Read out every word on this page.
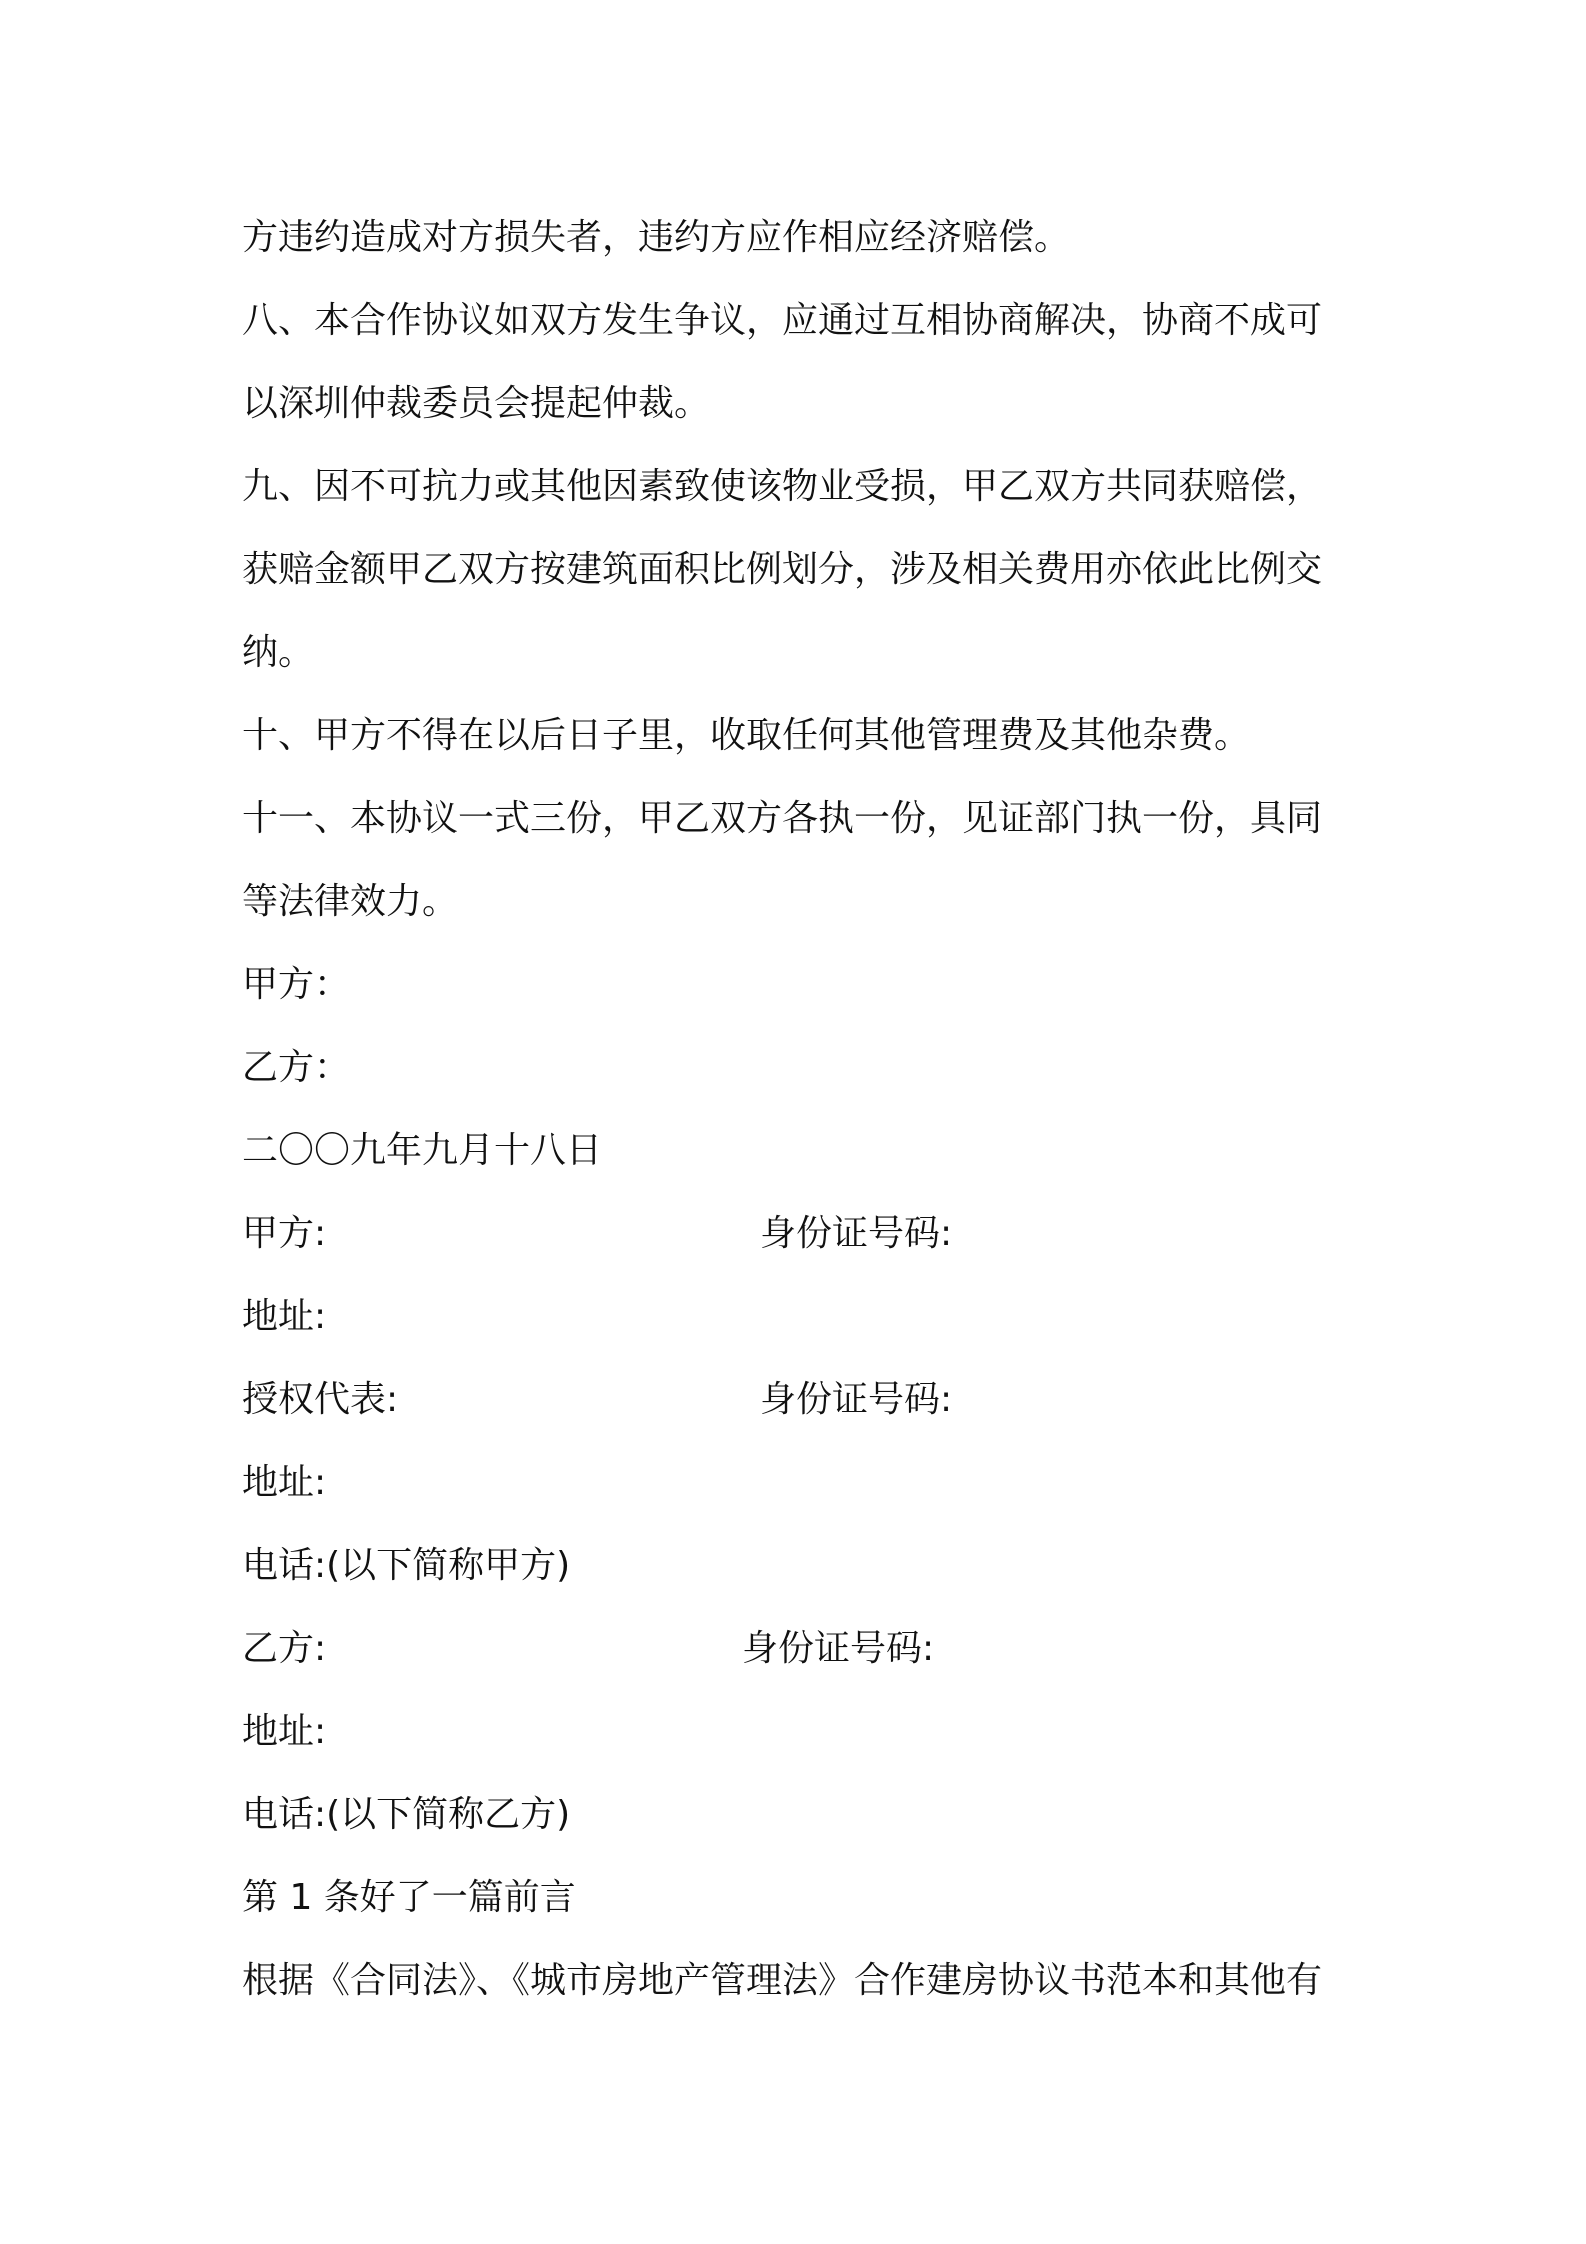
方违约造成对方损失者，违约方应作相应经济赔偿。
八、本合作协议如双方发生争议，应通过互相协商解决，协商不成可
以深圳仲裁委员会提起仲裁。
九、因不可抗力或其他因素致使该物业受损，甲乙双方共同获赔偿，
获赔金额甲乙双方按建筑面积比例划分，涉及相关费用亦依此比例交
纳。
十、甲方不得在以后日子里，收取任何其他管理费及其他杂费。
十一、本协议一式三份，甲乙双方各执一份，见证部门执一份，具同
等法律效力。
甲方：
乙方：
二〇〇九年九月十八日
甲方:	身份证号码:
地址:
授权代表:	身份证号码:
地址:
电话:(以下简称甲方)
乙方:	身份证号码:
地址:
电话:(以下简称乙方)
第 1 条好了一篇前言
根据《合同法》、《城市房地产管理法》合作建房协议书范本和其他有
